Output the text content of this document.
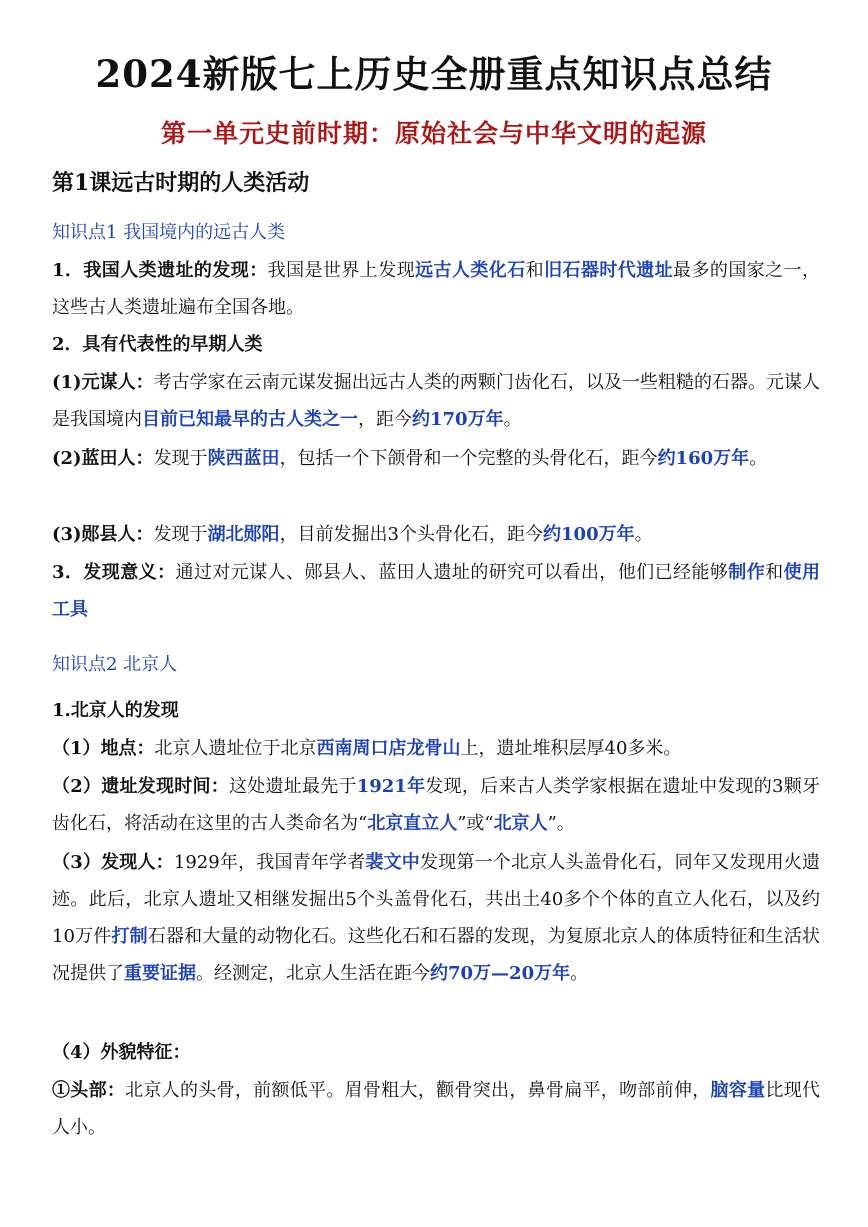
2024新版七上历史全册重点知识点总结
第一单元史前时期：原始社会与中华文明的起源
第1课远古时期的人类活动
知识点1 我国境内的远古人类
1．我国人类遗址的发现：我国是世界上发现远古人类化石和旧石器时代遗址最多的国家之一，这些古人类遗址遍布全国各地。
2．具有代表性的早期人类
(1)元谋人：考古学家在云南元谋发掘出远古人类的两颗门齿化石，以及一些粗糙的石器。元谋人是我国境内目前已知最早的古人类之一，距今约170万年。
(2)蓝田人：发现于陕西蓝田，包括一个下颌骨和一个完整的头骨化石，距今约160万年。
(3)郧县人：发现于湖北郧阳，目前发掘出3个头骨化石，距今约100万年。
3．发现意义：通过对元谋人、郧县人、蓝田人遗址的研究可以看出，他们已经能够制作和使用工具
知识点2 北京人
1.北京人的发现
（1）地点：北京人遗址位于北京西南周口店龙骨山上，遗址堆积层厚40多米。
（2）遗址发现时间：这处遗址最先于1921年发现，后来古人类学家根据在遗址中发现的3颗牙齿化石，将活动在这里的古人类命名为“北京直立人”或“北京人”。
（3）发现人：1929年，我国青年学者裴文中发现第一个北京人头盖骨化石，同年又发现用火遗迹。此后，北京人遗址又相继发掘出5个头盖骨化石，共出土40多个个体的直立人化石，以及约10万件打制石器和大量的动物化石。这些化石和石器的发现，为复原北京人的体质特征和生活状况提供了重要证据。经测定，北京人生活在距今约70万—20万年。
（4）外貌特征：
①头部：北京人的头骨，前额低平。眉骨粗大，颧骨突出，鼻骨扁平，吻部前伸，脑容量比现代人小。
